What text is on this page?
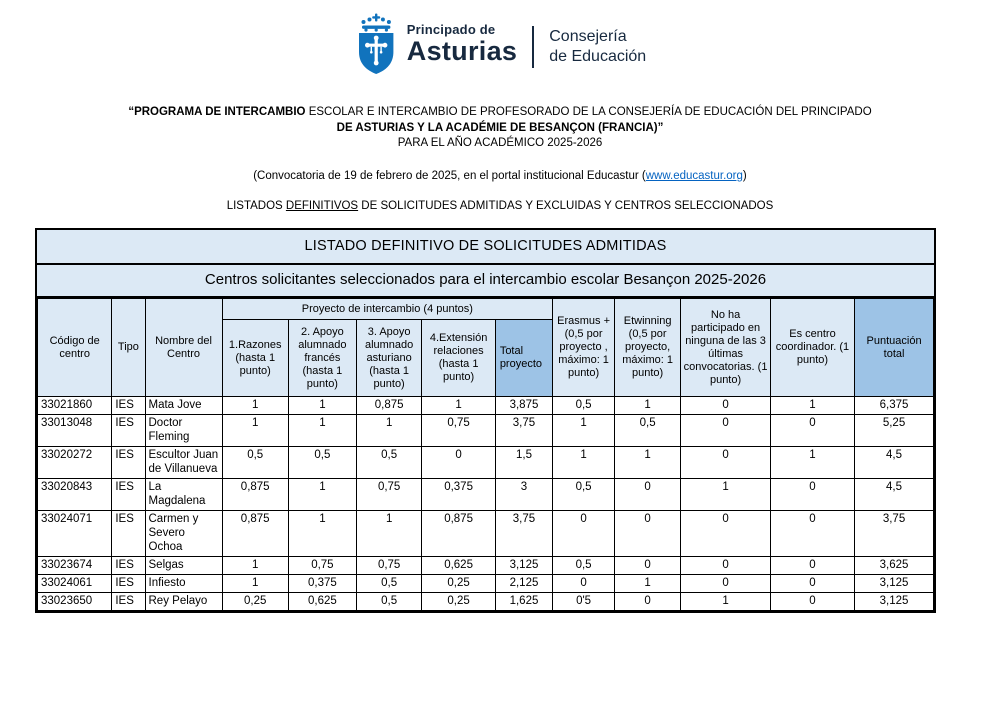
Principado de
Asturias Consejería
de Educación
“PROGRAMA DE INTERCAMBIO ESCOLAR E INTERCAMBIO DE PROFESORADO DE LA CONSEJERÍA DE EDUCACIÓN DEL PRINCIPADO
DE ASTURIAS Y LA ACADÉMIE DE BESANÇON (FRANCIA)”
PARA EL AÑO ACADÉMICO 2025-2026
(Convocatoria de 19 de febrero de 2025, en el portal institucional Educastur (www.educastur.org)
LISTADOS DEFINITIVOS DE SOLICITUDES ADMITIDAS Y EXCLUIDAS Y CENTROS SELECCIONADOS
LISTADO DEFINITIVO DE SOLICITUDES ADMITIDAS
Centros solicitantes seleccionados para el intercambio escolar Besançon 2025-2026
Código de centro	Tipo	Nombre del Centro	Proyecto de intercambio (4 puntos)					Erasmus + (0,5 por proyecto , máximo: 1 punto)	Etwinning (0,5 por proyecto, máximo: 1 punto)	No ha participado en ninguna de las 3 últimas convocatorias. (1 punto)	Es centro coordinador. (1 punto)	Puntuación total
			1.Razones (hasta 1 punto)	2. Apoyo alumnado francés (hasta 1 punto)	3. Apoyo alumnado asturiano (hasta 1 punto)	4.Extensión relaciones (hasta 1 punto)	Total proyecto					
33021860	IES	Mata Jove	1	1	0,875	1	3,875	0,5	1	0	1	6,375
33013048	IES	Doctor Fleming	1	1	1	0,75	3,75	1	0,5	0	0	5,25
33020272	IES	Escultor Juan de Villanueva	0,5	0,5	0,5	0	1,5	1	1	0	1	4,5
33020843	IES	La Magdalena	0,875	1	0,75	0,375	3	0,5	0	1	0	4,5
33024071	IES	Carmen y Severo Ochoa	0,875	1	1	0,875	3,75	0	0	0	0	3,75
33023674	IES	Selgas	1	0,75	0,75	0,625	3,125	0,5	0	0	0	3,625
33024061	IES	Infiesto	1	0,375	0,5	0,25	2,125	0	1	0	0	3,125
33023650	IES	Rey Pelayo	0,25	0,625	0,5	0,25	1,625	0'5	0	1	0	3,125
